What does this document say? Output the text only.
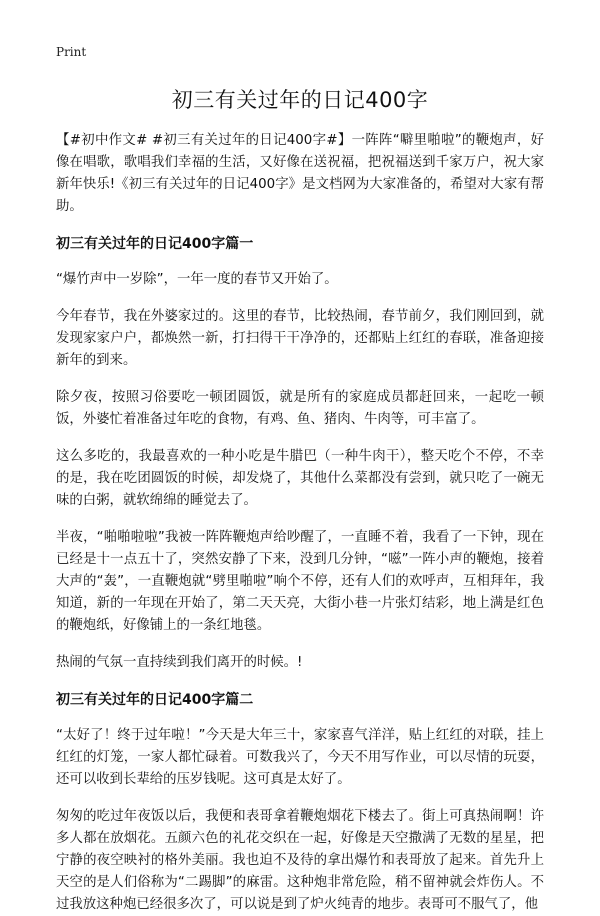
Print
初三有关过年的日记400字

【#初中作文# #初三有关过年的日记400字#】一阵阵“噼里啪啦”的鞭炮声，好像在唱歌，歌唱我们幸福的生活，又好像在送祝福，把祝福送到千家万户，祝大家新年快乐!《初三有关过年的日记400字》是文档网为大家准备的，希望对大家有帮助。

初三有关过年的日记400字篇一

“爆竹声中一岁除”，一年一度的春节又开始了。

今年春节，我在外婆家过的。这里的春节，比较热闹，春节前夕，我们刚回到，就发现家家户户，都焕然一新，打扫得干干净净的，还都贴上红红的春联，准备迎接新年的到来。

除夕夜，按照习俗要吃一顿团圆饭，就是所有的家庭成员都赶回来，一起吃一顿饭，外婆忙着准备过年吃的食物，有鸡、鱼、猪肉、牛肉等，可丰富了。

这么多吃的，我最喜欢的一种小吃是牛腊巴（一种牛肉干），整天吃个不停，不幸的是，我在吃团圆饭的时候，却发烧了，其他什么菜都没有尝到，就只吃了一碗无味的白粥，就软绵绵的睡觉去了。

半夜，“啪啪啦啦”我被一阵阵鞭炮声给吵醒了，一直睡不着，我看了一下钟，现在已经是十一点五十了，突然安静了下来，没到几分钟，“嗞”一阵小声的鞭炮，接着大声的“轰”，一直鞭炮就“劈里啪啦”响个不停，还有人们的欢呼声，互相拜年，我知道，新的一年现在开始了，第二天天亮，大街小巷一片张灯结彩，地上满是红色的鞭炮纸，好像铺上的一条红地毯。

热闹的气氛一直持续到我们离开的时候。!

初三有关过年的日记400字篇二

“太好了！终于过年啦！”今天是大年三十，家家喜气洋洋，贴上红红的对联，挂上红红的灯笼，一家人都忙碌着。可数我兴了，今天不用写作业，可以尽情的玩耍，还可以收到长辈给的压岁钱呢。这可真是太好了。

匆匆的吃过年夜饭以后，我便和表哥拿着鞭炮烟花下楼去了。街上可真热闹啊！许多人都在放烟花。五颜六色的礼花交织在一起，好像是天空撒满了无数的星星，把宁静的夜空映衬的格外美丽。我也迫不及待的拿出爆竹和表哥放了起来。首先升上天空的是人们俗称为“二踢脚”的麻雷。这种炮非常危险，稍不留神就会炸伤人。不过我放这种炮已经很多次了，可以说是到了炉火纯青的地步。表哥可不服气了，他
